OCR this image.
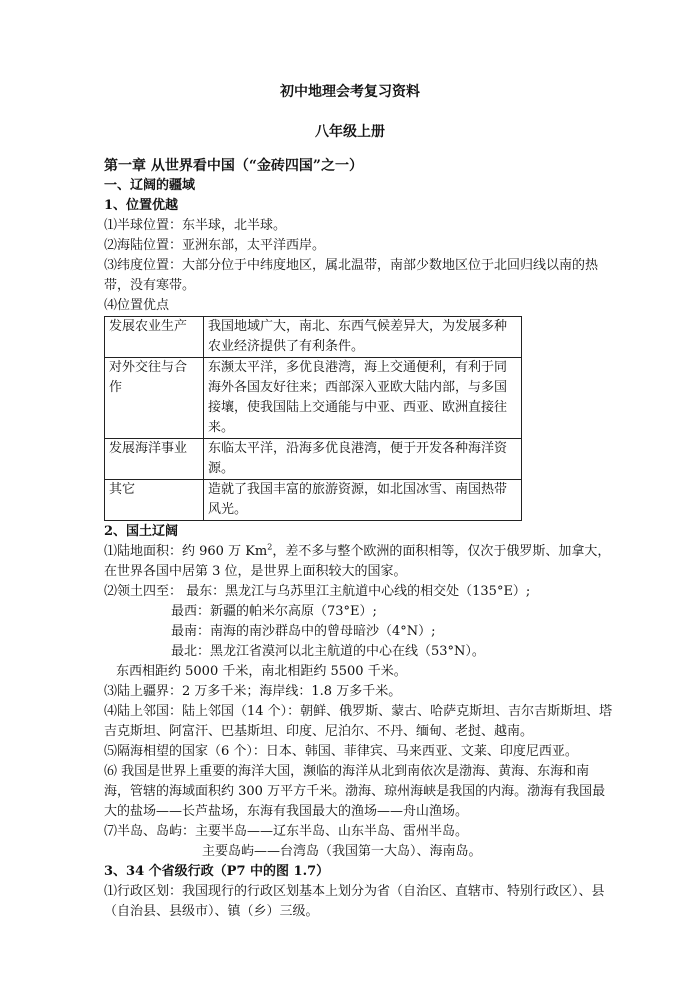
初中地理会考复习资料
八年级上册

第一章 从世界看中国（“金砖四国”之一）

一、辽阔的疆域

1、位置优越

⑴半球位置：东半球，北半球。

⑵海陆位置：亚洲东部，太平洋西岸。

⑶纬度位置：大部分位于中纬度地区，属北温带，南部少数地区位于北回归线以南的热带，没有寒带。

⑷位置优点

发展农业生产	我国地域广大，南北、东西气候差异大，为发展多种农业经济提供了有利条件。
对外交往与合作	东濒太平洋，多优良港湾，海上交通便利，有利于同海外各国友好往来；西部深入亚欧大陆内部，与多国接壤，使我国陆上交通能与中亚、西亚、欧洲直接往来。
发展海洋事业	东临太平洋，沿海多优良港湾，便于开发各种海洋资源。
其它	造就了我国丰富的旅游资源，如北国冰雪、南国热带风光。

2、国土辽阔

⑴陆地面积：约 960 万 Km$^2$，差不多与整个欧洲的面积相等，仅次于俄罗斯、加拿大，在世界各国中居第 3 位，是世界上面积较大的国家。

⑵领土四至： 最东：黑龙江与乌苏里江主航道中心线的相交处（135°E）;

最西：新疆的帕米尔高原（73°E）;

最南：南海的南沙群岛中的曾母暗沙（4°N）;

最北：黑龙江省漠河以北主航道的中心在线（53°N）。

东西相距约 5000 千米，南北相距约 5500 千米。

⑶陆上疆界：2 万多千米；海岸线：1.8 万多千米。

⑷陆上邻国：陆上邻国（14 个）：朝鲜、俄罗斯、蒙古、哈萨克斯坦、吉尔吉斯斯坦、塔吉克斯坦、阿富汗、巴基斯坦、印度、尼泊尔、不丹、缅甸、老挝、越南。

⑸隔海相望的国家（6 个）：日本、韩国、菲律宾、马来西亚、文莱、印度尼西亚。

⑹ 我国是世界上重要的海洋大国，濒临的海洋从北到南依次是渤海、黄海、东海和南海，管辖的海域面积约 300 万平方千米。渤海、琼州海峡是我国的内海。渤海有我国最大的盐场——长芦盐场，东海有我国最大的渔场——舟山渔场。

⑺半岛、岛屿：主要半岛——辽东半岛、山东半岛、雷州半岛。

主要岛屿——台湾岛（我国第一大岛）、海南岛。

3、34 个省级行政（P7 中的图 1.7）

⑴行政区划：我国现行的行政区划基本上划分为省（自治区、直辖市、特别行政区）、县（自治县、县级市）、镇（乡）三级。
